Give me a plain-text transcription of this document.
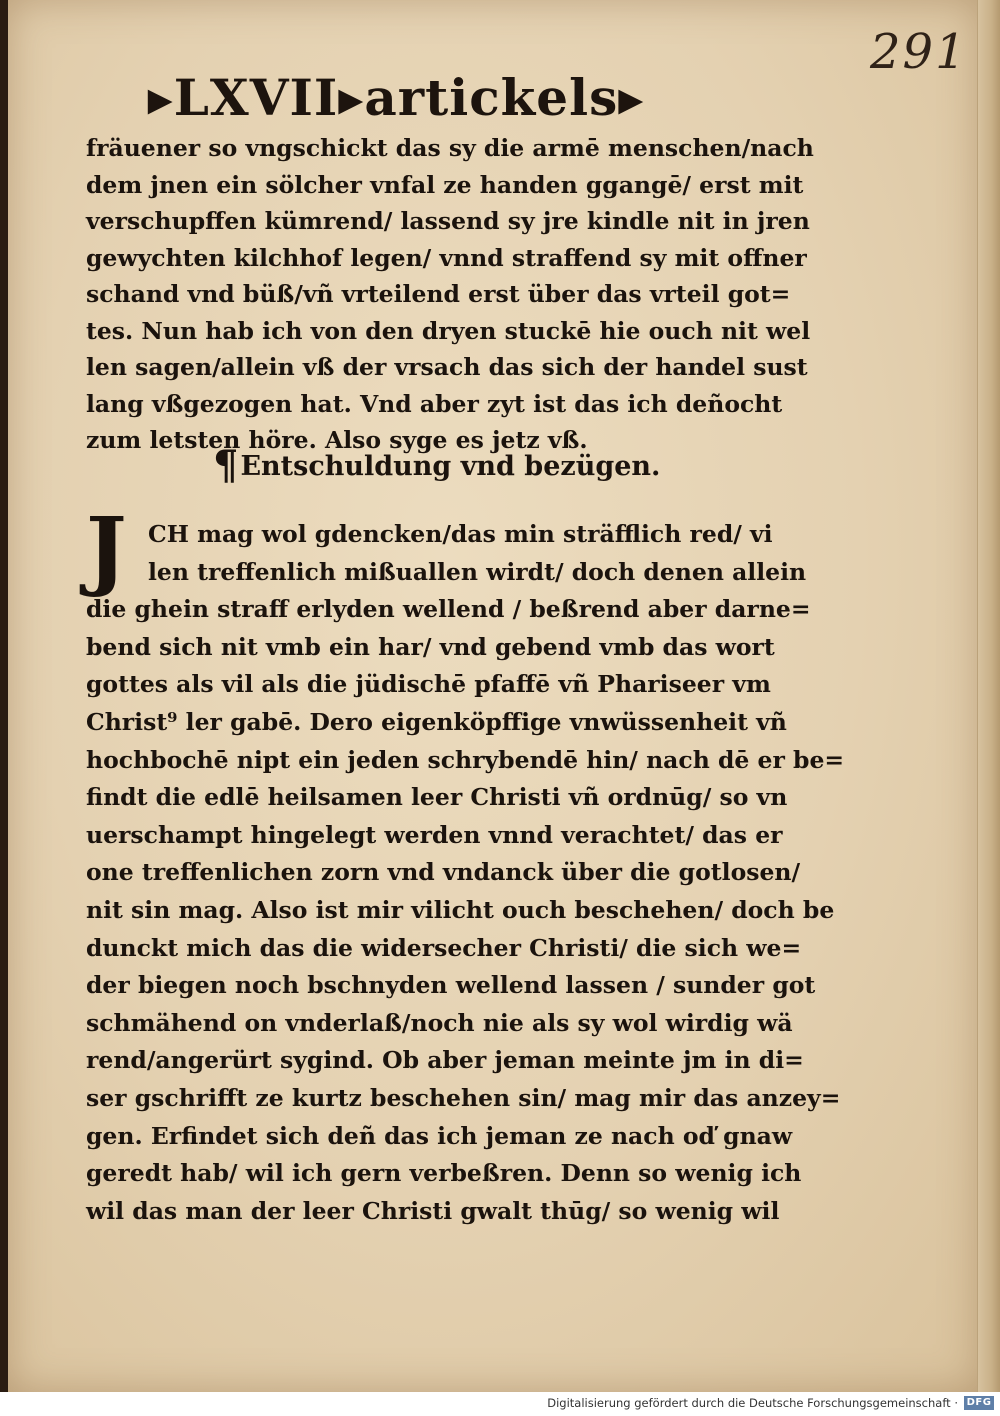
291
▸LXVII▸artickels▸
fräuener so vngschickt das sy die armē menschen/nach
dem jnen ein sölcher vnfal ze handen ggangē/ erst mit
verschupffen kümrend/ lassend sy jre kindle nit in jren
gewychten kilchhof legen/ vnnd straffend sy mit offner
schand vnd büß/vñ vrteilend erst über das vrteil got=
tes. Nun hab ich von den dryen stuckē hie ouch nit wel
len sagen/allein vß der vrsach das sich der handel sust
lang vßgezogen hat. Vnd aber zyt ist das ich deñocht
zum letsten höre. Also syge es jetz vß.
¶Entschuldung vnd bezügen.
J CH mag wol gdencken/das min sträfflich red/ vi
len treffenlich mißuallen wirdt/ doch denen allein
die ghein straff erlyden wellend / beßrend aber darne=
bend sich nit vmb ein har/ vnd gebend vmb das wort
gottes als vil als die jüdischē pfaffē vñ Phariseer vm
Christ⁹ ler gabē. Dero eigenköpffige vnwüssenheit vñ
hochbochē nipt ein jeden schrybendē hin/ nach dē er be=
findt die edlē heilsamen leer Christi vñ ordnūg/ so vn
uerschampt hingelegt werden vnnd verachtet/ das er
one treffenlichen zorn vnd vndanck über die gotlosen/
nit sin mag. Also ist mir vilicht ouch beschehen/ doch be
dunckt mich das die widersecher Christi/ die sich we=
der biegen noch bschnyden wellend lassen / sunder got
schmähend on vnderlaß/noch nie als sy wol wirdig wä
rend/angerürt sygind. Ob aber jeman meinte jm in di=
ser gschrifft ze kurtz beschehen sin/ mag mir das anzey=
gen. Erfindet sich deñ das ich jeman ze nach oď gnaw
geredt hab/ wil ich gern verbeßren. Denn so wenig ich
wil das man der leer Christi gwalt thūg/ so wenig wil
Digitalisierung gefördert durch die Deutsche Forschungsgemeinschaft · DFG
